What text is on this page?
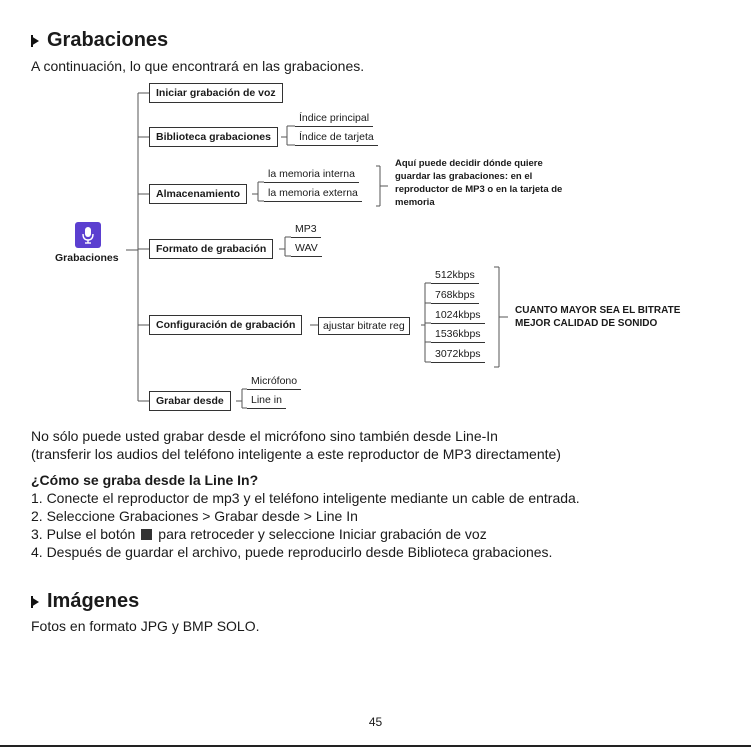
Grabaciones
A continuación, lo que encontrará en las grabaciones.
Grabaciones
Iniciar grabación de voz
Biblioteca grabaciones
Almacenamiento
Formato de grabación
Configuración de grabación
Grabar desde
Índice principal
Índice de tarjeta
la memoria interna
la memoria externa
MP3
WAV
ajustar bitrate reg
Micrófono
Line in
512kbps
768kbps
1024kbps
1536kbps
3072kbps
Aquí puede decidir dónde quiere
guardar las grabaciones: en el
reproductor de MP3 o en la tarjeta de
memoria
CUANTO MAYOR SEA EL BITRATE
MEJOR CALIDAD DE SONIDO
No sólo puede usted grabar desde el micrófono sino también desde Line-In
(transferir los audios del teléfono inteligente a este reproductor de MP3 directamente)
¿Cómo se graba desde la Line In?
1. Conecte el reproductor de mp3 y el teléfono inteligente mediante un cable de entrada.
2. Seleccione Grabaciones > Grabar desde > Line In
3. Pulse el botón para retroceder y seleccione Iniciar grabación de voz
4. Después de guardar el archivo, puede reproducirlo desde Biblioteca grabaciones.
Imágenes
Fotos en formato JPG y BMP SOLO.
45
